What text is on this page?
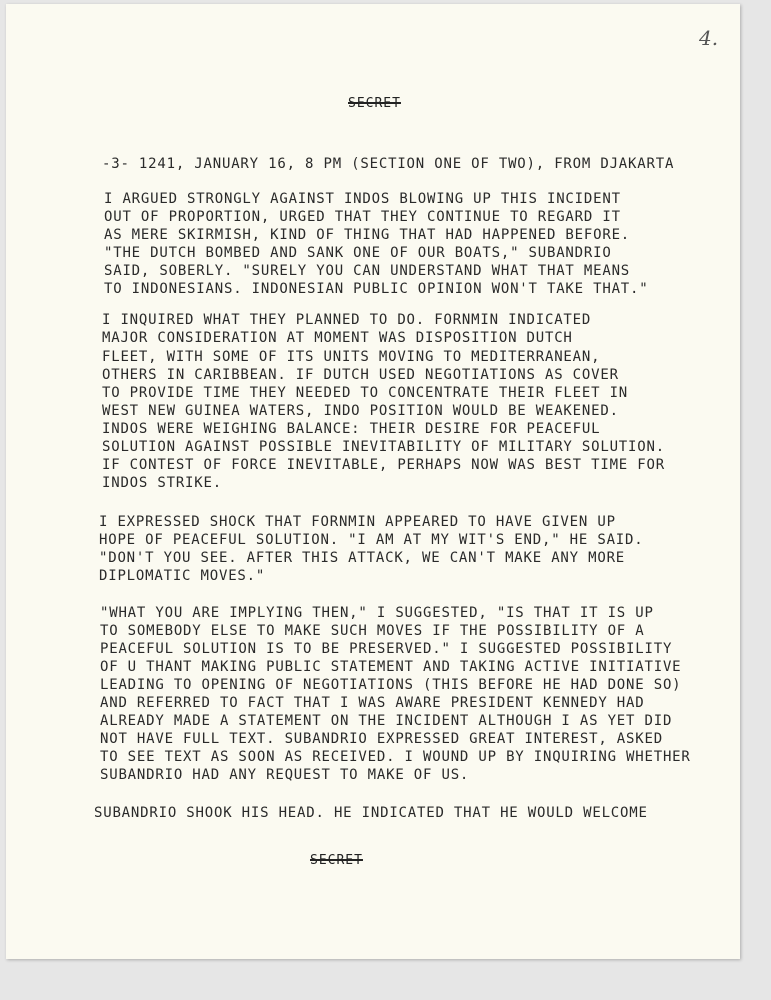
4.
SECRET
-3- 1241, JANUARY 16, 8 PM (SECTION ONE OF TWO), FROM DJAKARTA
I ARGUED STRONGLY AGAINST INDOS BLOWING UP THIS INCIDENT
OUT OF PROPORTION, URGED THAT THEY CONTINUE TO REGARD IT
AS MERE SKIRMISH, KIND OF THING THAT HAD HAPPENED BEFORE.
"THE DUTCH BOMBED AND SANK ONE OF OUR BOATS," SUBANDRIO
SAID, SOBERLY. "SURELY YOU CAN UNDERSTAND WHAT THAT MEANS
TO INDONESIANS. INDONESIAN PUBLIC OPINION WON'T TAKE THAT."
I INQUIRED WHAT THEY PLANNED TO DO. FORNMIN INDICATED
MAJOR CONSIDERATION AT MOMENT WAS DISPOSITION DUTCH
FLEET, WITH SOME OF ITS UNITS MOVING TO MEDITERRANEAN,
OTHERS IN CARIBBEAN. IF DUTCH USED NEGOTIATIONS AS COVER
TO PROVIDE TIME THEY NEEDED TO CONCENTRATE THEIR FLEET IN
WEST NEW GUINEA WATERS, INDO POSITION WOULD BE WEAKENED.
INDOS WERE WEIGHING BALANCE: THEIR DESIRE FOR PEACEFUL
SOLUTION AGAINST POSSIBLE INEVITABILITY OF MILITARY SOLUTION.
IF CONTEST OF FORCE INEVITABLE, PERHAPS NOW WAS BEST TIME FOR
INDOS STRIKE.
I EXPRESSED SHOCK THAT FORNMIN APPEARED TO HAVE GIVEN UP
HOPE OF PEACEFUL SOLUTION. "I AM AT MY WIT'S END," HE SAID.
"DON'T YOU SEE. AFTER THIS ATTACK, WE CAN'T MAKE ANY MORE
DIPLOMATIC MOVES."
"WHAT YOU ARE IMPLYING THEN," I SUGGESTED, "IS THAT IT IS UP
TO SOMEBODY ELSE TO MAKE SUCH MOVES IF THE POSSIBILITY OF A
PEACEFUL SOLUTION IS TO BE PRESERVED." I SUGGESTED POSSIBILITY
OF U THANT MAKING PUBLIC STATEMENT AND TAKING ACTIVE INITIATIVE
LEADING TO OPENING OF NEGOTIATIONS (THIS BEFORE HE HAD DONE SO)
AND REFERRED TO FACT THAT I WAS AWARE PRESIDENT KENNEDY HAD
ALREADY MADE A STATEMENT ON THE INCIDENT ALTHOUGH I AS YET DID
NOT HAVE FULL TEXT. SUBANDRIO EXPRESSED GREAT INTEREST, ASKED
TO SEE TEXT AS SOON AS RECEIVED. I WOUND UP BY INQUIRING WHETHER
SUBANDRIO HAD ANY REQUEST TO MAKE OF US.
SUBANDRIO SHOOK HIS HEAD. HE INDICATED THAT HE WOULD WELCOME
SECRET
